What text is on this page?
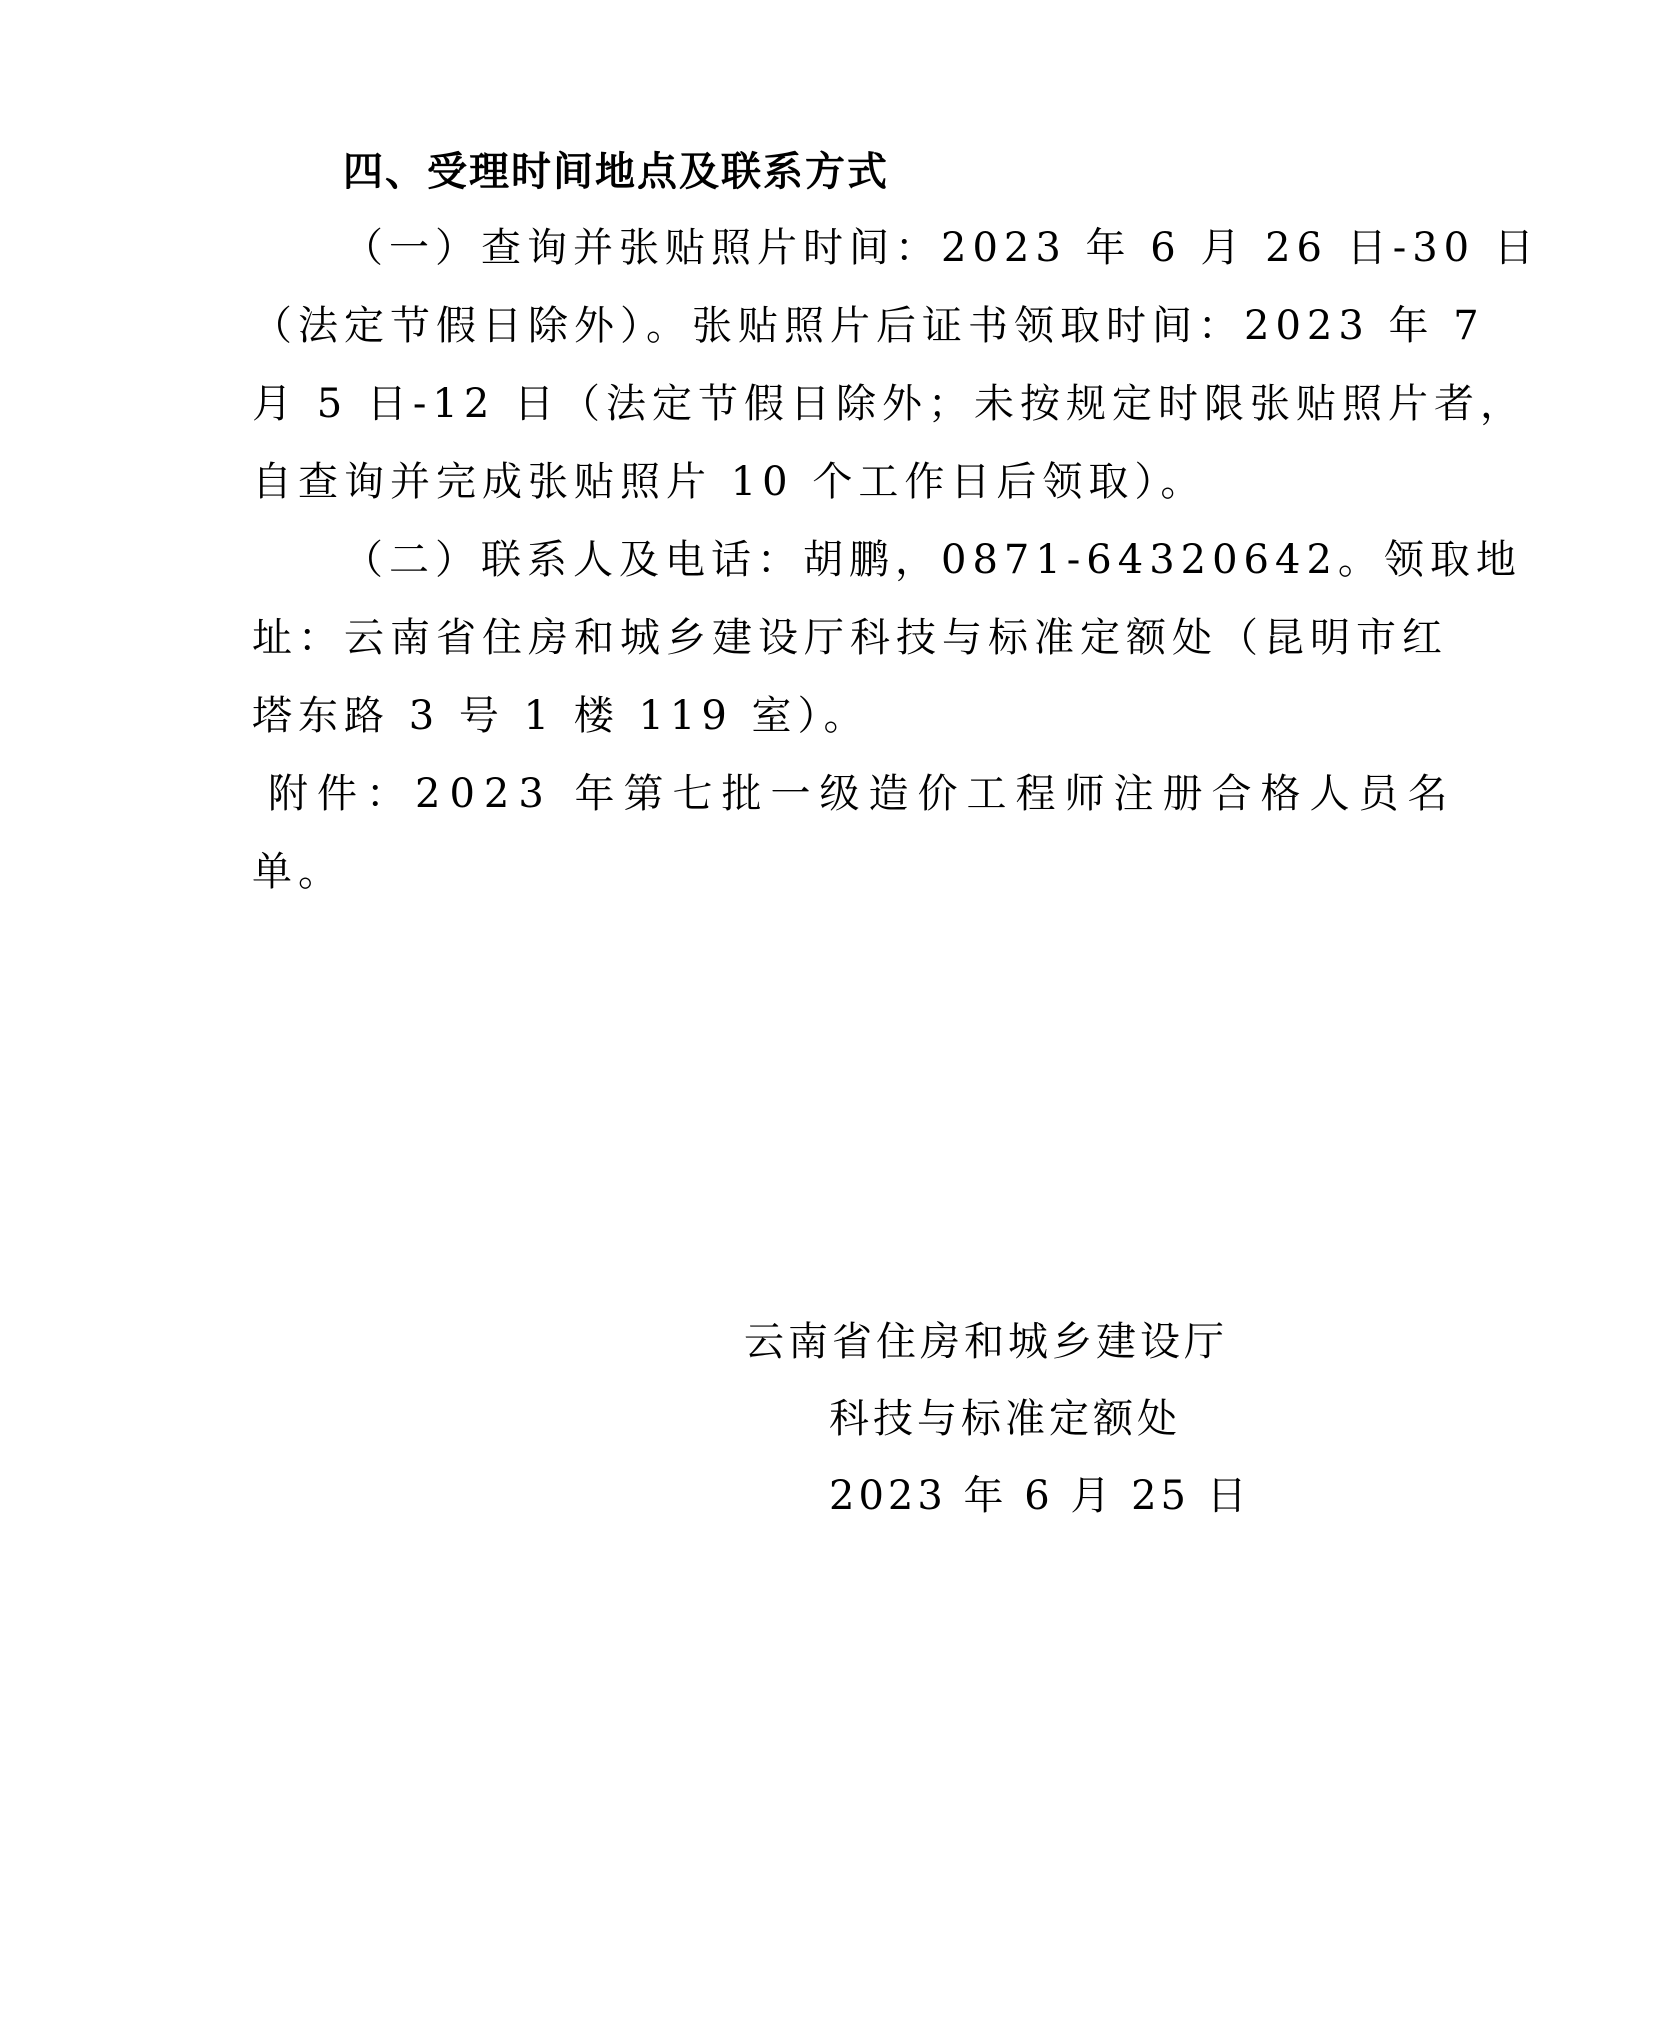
四、受理时间地点及联系方式
（一）查询并张贴照片时间：2023 年 6 月 26 日-30 日
（法定节假日除外）。张贴照片后证书领取时间：2023 年 7
月 5 日-12 日（法定节假日除外；未按规定时限张贴照片者，
自查询并完成张贴照片 10 个工作日后领取）。
（二）联系人及电话：胡鹏，0871-64320642。领取地
址：云南省住房和城乡建设厅科技与标准定额处（昆明市红
塔东路 3 号 1 楼 119 室）。
附件：2023 年第七批一级造价工程师注册合格人员名
单。
云南省住房和城乡建设厅
科技与标准定额处
2023 年 6 月 25 日
